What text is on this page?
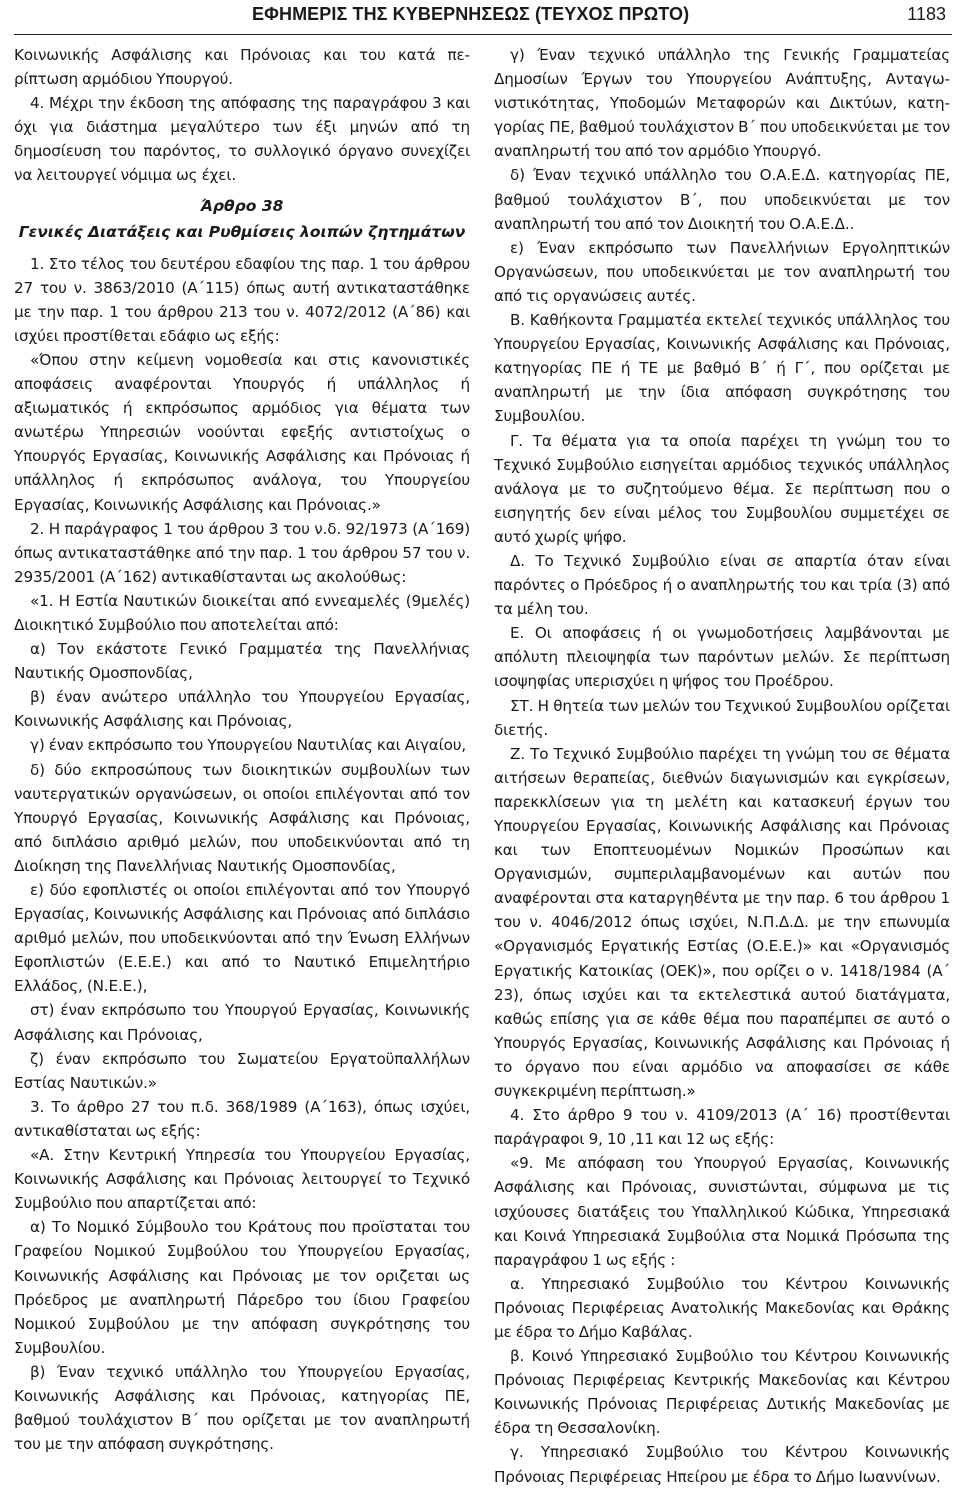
ΕΦΗΜΕΡΙΣ ΤΗΣ ΚΥΒΕΡΝΗΣΕΩΣ (ΤΕΥΧΟΣ ΠΡΩΤΟ)	1183

Κοινωνικής Ασφάλισης και Πρόνοιας και του κατά περίπτωση αρμόδιου Υπουργού.

4. Μέχρι την έκδοση της απόφασης της παραγράφου 3 και όχι για διάστημα μεγαλύτερο των έξι μηνών από τη δημοσίευση του παρόντος, το συλλογικό όργανο συνεχίζει να λειτουργεί νόμιμα ως έχει.

Άρθρο 38
Γενικές Διατάξεις και Ρυθμίσεις λοιπών ζητημάτων

1. Στο τέλος του δευτέρου εδαφίου της παρ. 1 του άρθρου 27 του ν. 3863/2010 (Α΄115) όπως αυτή αντικαταστάθηκε με την παρ. 1 του άρθρου 213 του ν. 4072/2012 (Α΄86) και ισχύει προστίθεται εδάφιο ως εξής:

«Όπου στην κείμενη νομοθεσία και στις κανονιστικές αποφάσεις αναφέρονται Υπουργός ή υπάλληλος ή αξιωματικός ή εκπρόσωπος αρμόδιος για θέματα των ανωτέρω Υπηρεσιών νοούνται εφεξής αντιστοίχως ο Υπουργός Εργασίας, Κοινωνικής Ασφάλισης και Πρόνοιας ή υπάλληλος ή εκπρόσωπος ανάλογα, του Υπουργείου Εργασίας, Κοινωνικής Ασφάλισης και Πρόνοιας.»

2. Η παράγραφος 1 του άρθρου 3 του ν.δ. 92/1973 (Α΄169) όπως αντικαταστάθηκε από την παρ. 1 του άρθρου 57 του ν. 2935/2001 (Α΄162) αντικαθίστανται ως ακολούθως:

«1. Η Εστία Ναυτικών διοικείται από εννεαμελές (9μελές) Διοικητικό Συμβούλιο που αποτελείται από:

α) Τον εκάστοτε Γενικό Γραμματέα της Πανελλήνιας Ναυτικής Ομοσπονδίας,

β) έναν ανώτερο υπάλληλο του Υπουργείου Εργασίας, Κοινωνικής Ασφάλισης και Πρόνοιας,

γ) έναν εκπρόσωπο του Υπουργείου Ναυτιλίας και Αιγαίου,

δ) δύο εκπροσώπους των διοικητικών συμβουλίων των ναυτεργατικών οργανώσεων, οι οποίοι επιλέγονται από τον Υπουργό Εργασίας, Κοινωνικής Ασφάλισης και Πρόνοιας, από διπλάσιο αριθμό μελών, που υποδεικνύονται από τη Διοίκηση της Πανελλήνιας Ναυτικής Ομοσπονδίας,

ε) δύο εφοπλιστές οι οποίοι επιλέγονται από τον Υπουργό Εργασίας, Κοινωνικής Ασφάλισης και Πρόνοιας από διπλάσιο αριθμό μελών, που υποδεικνύονται από την Ένωση Ελλήνων Εφοπλιστών (Ε.Ε.Ε.) και από το Ναυτικό Επιμελητήριο Ελλάδος, (Ν.Ε.Ε.),

στ) έναν εκπρόσωπο του Υπουργού Εργασίας, Κοινωνικής Ασφάλισης και Πρόνοιας,

ζ) έναν εκπρόσωπο του Σωματείου Εργατοϋπαλλήλων Εστίας Ναυτικών.»

3. Το άρθρο 27 του π.δ. 368/1989 (Α΄163), όπως ισχύει, αντικαθίσταται ως εξής:

«Α. Στην Κεντρική Υπηρεσία του Υπουργείου Εργασίας, Κοινωνικής Ασφάλισης και Πρόνοιας λειτουργεί το Τεχνικό Συμβούλιο που απαρτίζεται από:

α) Το Νομικό Σύμβουλο του Κράτους που προϊσταται του Γραφείου Νομικού Συμβούλου του Υπουργείου Εργασίας, Κοινωνικής Ασφάλισης και Πρόνοιας με τον οριζεται ως Πρόεδρος με αναπληρωτή Πάρεδρο του ίδιου Γραφείου Νομικού Συμβούλου με την απόφαση συγκρότησης του Συμβουλίου.

β) Έναν τεχνικό υπάλληλο του Υπουργείου Εργασίας, Κοινωνικής Ασφάλισης και Πρόνοιας, κατηγορίας ΠΕ, βαθμού τουλάχιστον Β΄ που ορίζεται με τον αναπληρωτή του με την απόφαση συγκρότησης.

γ) Έναν τεχνικό υπάλληλο της Γενικής Γραμματείας Δημοσίων Έργων του Υπουργείου Ανάπτυξης, Ανταγωνιστικότητας, Υποδομών Μεταφορών και Δικτύων, κατηγορίας ΠΕ, βαθμού τουλάχιστον Β΄ που υποδεικνύεται με τον αναπληρωτή του από τον αρμόδιο Υπουργό.

δ) Έναν τεχνικό υπάλληλο του Ο.Α.Ε.Δ. κατηγορίας ΠΕ, βαθμού τουλάχιστον Β΄, που υποδεικνύεται με τον αναπληρωτή του από τον Διοικητή του Ο.Α.Ε.Δ..

ε) Έναν εκπρόσωπο των Πανελλήνιων Εργοληπτικών Οργανώσεων, που υποδεικνύεται με τον αναπληρωτή του από τις οργανώσεις αυτές.

Β. Καθήκοντα Γραμματέα εκτελεί τεχνικός υπάλληλος του Υπουργείου Εργασίας, Κοινωνικής Ασφάλισης και Πρόνοιας, κατηγορίας ΠΕ ή ΤΕ με βαθμό Β΄ ή Γ΄, που ορίζεται με αναπληρωτή με την ίδια απόφαση συγκρότησης του Συμβουλίου.

Γ. Τα θέματα για τα οποία παρέχει τη γνώμη του το Τεχνικό Συμβούλιο εισηγείται αρμόδιος τεχνικός υπάλληλος ανάλογα με το συζητούμενο θέμα. Σε περίπτωση που ο εισηγητής δεν είναι μέλος του Συμβουλίου συμμετέχει σε αυτό χωρίς ψήφο.

Δ. Το Τεχνικό Συμβούλιο είναι σε απαρτία όταν είναι παρόντες ο Πρόεδρος ή ο αναπληρωτής του και τρία (3) από τα μέλη του.

Ε. Οι αποφάσεις ή οι γνωμοδοτήσεις λαμβάνονται με απόλυτη πλειοψηφία των παρόντων μελών. Σε περίπτωση ισοψηφίας υπερισχύει η ψήφος του Προέδρου.

ΣΤ. Η θητεία των μελών του Τεχνικού Συμβουλίου ορίζεται διετής.

Ζ. Το Τεχνικό Συμβούλιο παρέχει τη γνώμη του σε θέματα αιτήσεων θεραπείας, διεθνών διαγωνισμών και εγκρίσεων, παρεκκλίσεων για τη μελέτη και κατασκευή έργων του Υπουργείου Εργασίας, Κοινωνικής Ασφάλισης και Πρόνοιας και των Εποπτευομένων Νομικών Προσώπων και Οργανισμών, συμπεριλαμβανομένων και αυτών που αναφέρονται στα καταργηθέντα με την παρ. 6 του άρθρου 1 του ν. 4046/2012 όπως ισχύει, Ν.Π.Δ.Δ. με την επωνυμία «Οργανισμός Εργατικής Εστίας (Ο.Ε.Ε.)» και «Οργανισμός Εργατικής Κατοικίας (ΟΕΚ)», που ορίζει ο ν. 1418/1984 (Α΄ 23), όπως ισχύει και τα εκτελεστικά αυτού διατάγματα, καθώς επίσης για σε κάθε θέμα που παραπέμπει σε αυτό ο Υπουργός Εργασίας, Κοινωνικής Ασφάλισης και Πρόνοιας ή το όργανο που είναι αρμόδιο να αποφασίσει σε κάθε συγκεκριμένη περίπτωση.»

4. Στο άρθρο 9 του ν. 4109/2013 (Α΄ 16) προστίθενται παράγραφοι 9, 10 ,11 και 12 ως εξής:

«9. Με απόφαση του Υπουργού Εργασίας, Κοινωνικής Ασφάλισης και Πρόνοιας, συνιστώνται, σύμφωνα με τις ισχύουσες διατάξεις του Υπαλληλικού Κώδικα, Υπηρεσιακά και Κοινά Υπηρεσιακά Συμβούλια στα Νομικά Πρόσωπα της παραγράφου 1 ως εξής :

α. Υπηρεσιακό Συμβούλιο του Κέντρου Κοινωνικής Πρόνοιας Περιφέρειας Ανατολικής Μακεδονίας και Θράκης με έδρα το Δήμο Καβάλας.

β. Κοινό Υπηρεσιακό Συμβούλιο του Κέντρου Κοινωνικής Πρόνοιας Περιφέρειας Κεντρικής Μακεδονίας και Κέντρου Κοινωνικής Πρόνοιας Περιφέρειας Δυτικής Μακεδονίας με έδρα τη Θεσσαλονίκη.

γ. Υπηρεσιακό Συμβούλιο του Κέντρου Κοινωνικής Πρόνοιας Περιφέρειας Ηπείρου με έδρα το Δήμο Ιωαννίνων.
